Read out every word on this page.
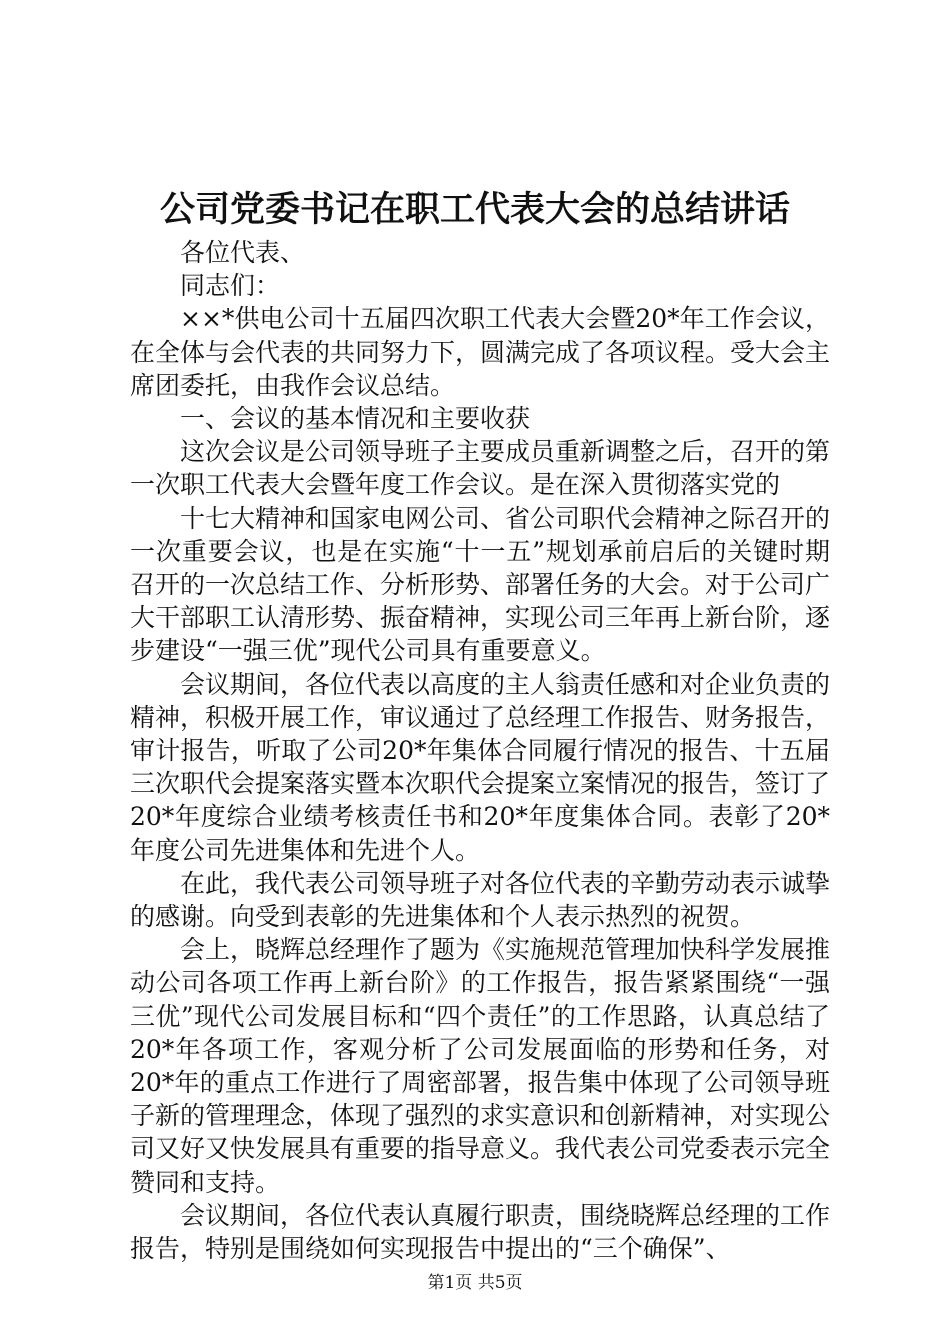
公司党委书记在职工代表大会的总结讲话

各位代表、

同志们：

××*供电公司十五届四次职工代表大会暨20*年工作会议，在全体与会代表的共同努力下，圆满完成了各项议程。受大会主席团委托，由我作会议总结。

一、会议的基本情况和主要收获

这次会议是公司领导班子主要成员重新调整之后，召开的第一次职工代表大会暨年度工作会议。是在深入贯彻落实党的

十七大精神和国家电网公司、省公司职代会精神之际召开的一次重要会议，也是在实施“十一五”规划承前启后的关键时期召开的一次总结工作、分析形势、部署任务的大会。对于公司广大干部职工认清形势、振奋精神，实现公司三年再上新台阶，逐步建设“一强三优”现代公司具有重要意义。

会议期间，各位代表以高度的主人翁责任感和对企业负责的精神，积极开展工作，审议通过了总经理工作报告、财务报告，审计报告，听取了公司20*年集体合同履行情况的报告、十五届三次职代会提案落实暨本次职代会提案立案情况的报告，签订了20*年度综合业绩考核责任书和20*年度集体合同。表彰了20*年度公司先进集体和先进个人。

在此，我代表公司领导班子对各位代表的辛勤劳动表示诚挚的感谢。向受到表彰的先进集体和个人表示热烈的祝贺。

会上，晓辉总经理作了题为《实施规范管理加快科学发展推动公司各项工作再上新台阶》的工作报告，报告紧紧围绕“一强三优”现代公司发展目标和“四个责任”的工作思路，认真总结了20*年各项工作，客观分析了公司发展面临的形势和任务，对20*年的重点工作进行了周密部署，报告集中体现了公司领导班子新的管理理念，体现了强烈的求实意识和创新精神，对实现公司又好又快发展具有重要的指导意义。我代表公司党委表示完全赞同和支持。

会议期间，各位代表认真履行职责，围绕晓辉总经理的工作报告，特别是围绕如何实现报告中提出的“三个确保”、

第1页 共5页
